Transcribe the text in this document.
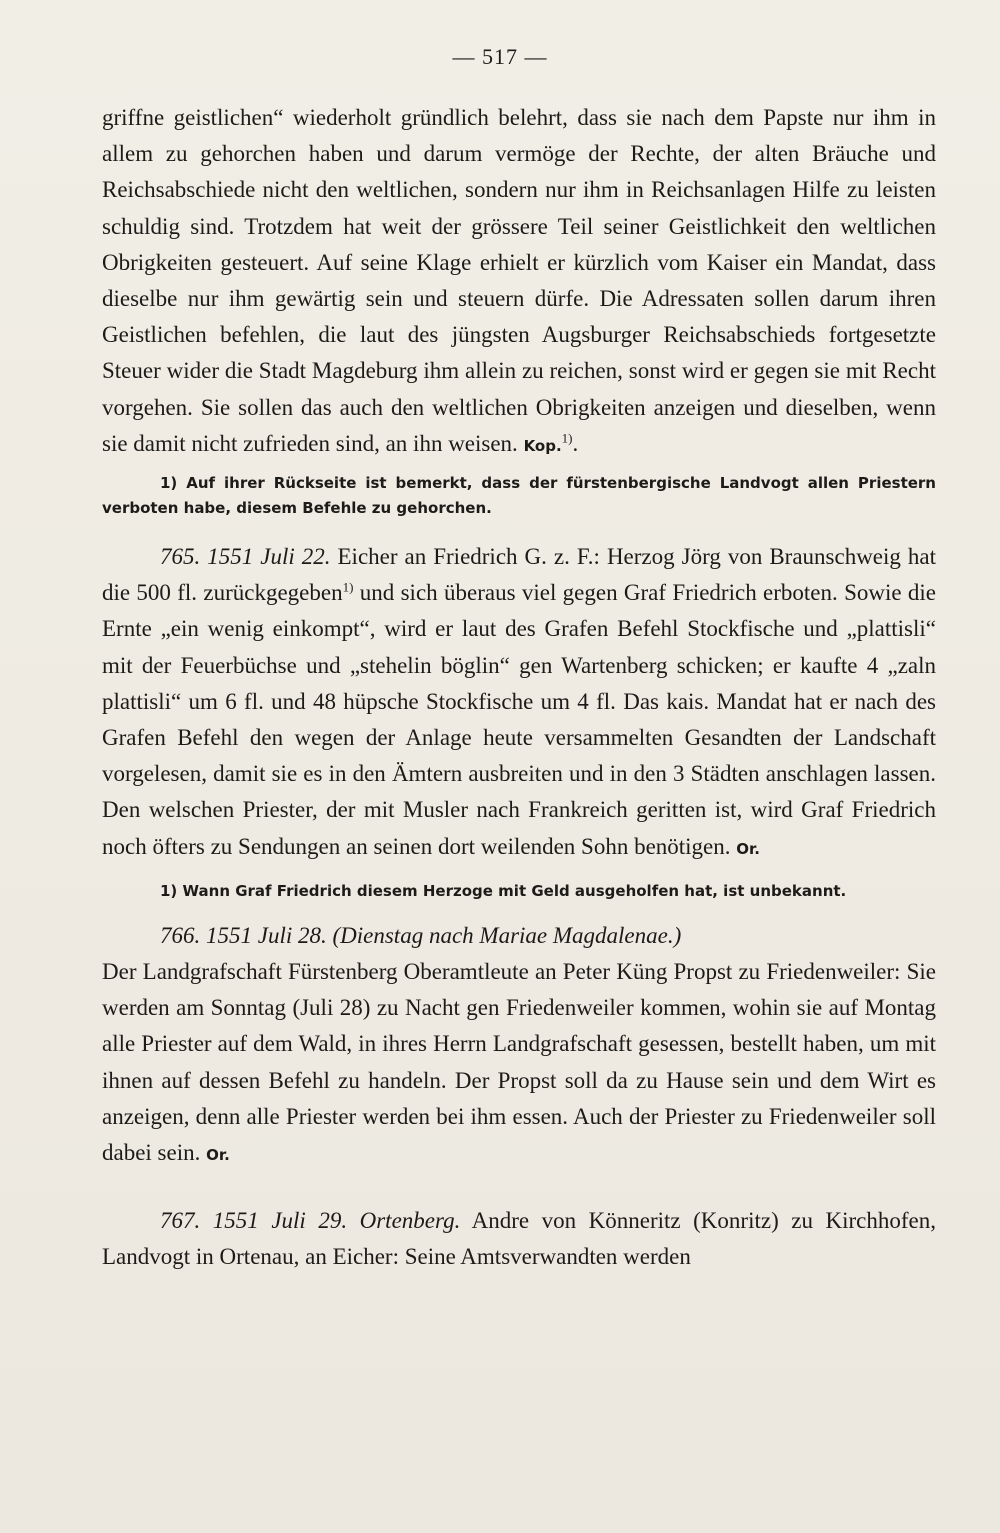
— 517 —

griffne geistlichen“ wiederholt gründlich belehrt, dass sie nach dem Papste nur ihm in allem zu gehorchen haben und darum vermöge der Rechte, der alten Bräuche und Reichsabschiede nicht den weltlichen, sondern nur ihm in Reichsanlagen Hilfe zu leisten schuldig sind. Trotzdem hat weit der grössere Teil seiner Geistlichkeit den weltlichen Obrigkeiten gesteuert. Auf seine Klage erhielt er kürzlich vom Kaiser ein Mandat, dass dieselbe nur ihm gewärtig sein und steuern dürfe. Die Adressaten sollen darum ihren Geistlichen befehlen, die laut des jüngsten Augsburger Reichsabschieds fortgesetzte Steuer wider die Stadt Magdeburg ihm allein zu reichen, sonst wird er gegen sie mit Recht vorgehen. Sie sollen das auch den weltlichen Obrigkeiten anzeigen und dieselben, wenn sie damit nicht zufrieden sind, an ihn weisen. Kop.$^{1)}$.

1) Auf ihrer Rückseite ist bemerkt, dass der fürstenbergische Landvogt allen Priestern verboten habe, diesem Befehle zu gehorchen.

765. 1551 Juli 22. Eicher an Friedrich G. z. F.: Herzog Jörg von Braunschweig hat die 500 fl. zurückgegeben$^{1)}$ und sich überaus viel gegen Graf Friedrich erboten. Sowie die Ernte „ein wenig einkompt“, wird er laut des Grafen Befehl Stockfische und „plattisli“ mit der Feuerbüchse und „stehelin böglin“ gen Wartenberg schicken; er kaufte 4 „zaln plattisli“ um 6 fl. und 48 hüpsche Stockfische um 4 fl. Das kais. Mandat hat er nach des Grafen Befehl den wegen der Anlage heute versammelten Gesandten der Landschaft vorgelesen, damit sie es in den Ämtern ausbreiten und in den 3 Städten anschlagen lassen. Den welschen Priester, der mit Musler nach Frankreich geritten ist, wird Graf Friedrich noch öfters zu Sendungen an seinen dort weilenden Sohn benötigen. Or.

1) Wann Graf Friedrich diesem Herzoge mit Geld ausgeholfen hat, ist unbekannt.

766. 1551 Juli 28. (Dienstag nach Mariae Magdalenae.)
Der Landgrafschaft Fürstenberg Oberamtleute an Peter Küng Propst zu Friedenweiler: Sie werden am Sonntag (Juli 28) zu Nacht gen Friedenweiler kommen, wohin sie auf Montag alle Priester auf dem Wald, in ihres Herrn Landgrafschaft gesessen, bestellt haben, um mit ihnen auf dessen Befehl zu handeln. Der Propst soll da zu Hause sein und dem Wirt es anzeigen, denn alle Priester werden bei ihm essen. Auch der Priester zu Friedenweiler soll dabei sein. Or.

767. 1551 Juli 29. Ortenberg. Andre von Könneritz (Konritz) zu Kirchhofen, Landvogt in Ortenau, an Eicher: Seine Amtsverwandten werden
